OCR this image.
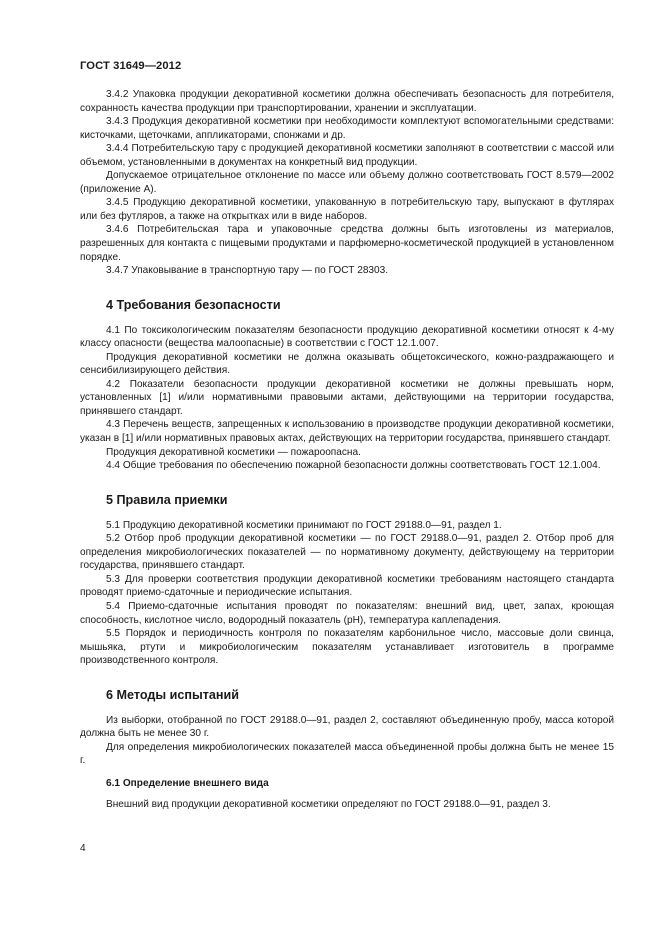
ГОСТ 31649—2012

3.4.2 Упаковка продукции декоративной косметики должна обеспечивать безопасность для потребителя, сохранность качества продукции при транспортировании, хранении и эксплуатации.

3.4.3 Продукция декоративной косметики при необходимости комплектуют вспомогательными средствами: кисточками, щеточками, аппликаторами, спонжами и др.

3.4.4 Потребительскую тару с продукцией декоративной косметики заполняют в соответствии с массой или объемом, установленными в документах на конкретный вид продукции.

Допускаемое отрицательное отклонение по массе или объему должно соответствовать ГОСТ 8.579—2002 (приложение А).

3.4.5 Продукцию декоративной косметики, упакованную в потребительскую тару, выпускают в футлярах или без футляров, а также на открытках или в виде наборов.

3.4.6 Потребительская тара и упаковочные средства должны быть изготовлены из материалов, разрешенных для контакта с пищевыми продуктами и парфюмерно-косметической продукцией в установленном порядке.

3.4.7 Упаковывание в транспортную тару — по ГОСТ 28303.

4 Требования безопасности

4.1 По токсикологическим показателям безопасности продукцию декоративной косметики относят к 4-му классу опасности (вещества малоопасные) в соответствии с ГОСТ 12.1.007.

Продукция декоративной косметики не должна оказывать общетоксического, кожно-раздражающего и сенсибилизирующего действия.

4.2 Показатели безопасности продукции декоративной косметики не должны превышать норм, установленных [1] и/или нормативными правовыми актами, действующими на территории государства, принявшего стандарт.

4.3 Перечень веществ, запрещенных к использованию в производстве продукции декоративной косметики, указан в [1] и/или нормативных правовых актах, действующих на территории государства, принявшего стандарт.

Продукция декоративной косметики — пожароопасна.

4.4 Общие требования по обеспечению пожарной безопасности должны соответствовать ГОСТ 12.1.004.

5 Правила приемки

5.1 Продукцию декоративной косметики принимают по ГОСТ 29188.0—91, раздел 1.

5.2 Отбор проб продукции декоративной косметики — по ГОСТ 29188.0—91, раздел 2. Отбор проб для определения микробиологических показателей — по нормативному документу, действующему на территории государства, принявшего стандарт.

5.3 Для проверки соответствия продукции декоративной косметики требованиям настоящего стандарта проводят приемо-сдаточные и периодические испытания.

5.4 Приемо-сдаточные испытания проводят по показателям: внешний вид, цвет, запах, кроющая способность, кислотное число, водородный показатель (pH), температура каплепадения.

5.5 Порядок и периодичность контроля по показателям карбонильное число, массовые доли свинца, мышьяка, ртути и микробиологическим показателям устанавливает изготовитель в программе производственного контроля.

6 Методы испытаний

Из выборки, отобранной по ГОСТ 29188.0—91, раздел 2, составляют объединенную пробу, масса которой должна быть не менее 30 г.

Для определения микробиологических показателей масса объединенной пробы должна быть не менее 15 г.

6.1 Определение внешнего вида

Внешний вид продукции декоративной косметики определяют по ГОСТ 29188.0—91, раздел 3.

4
